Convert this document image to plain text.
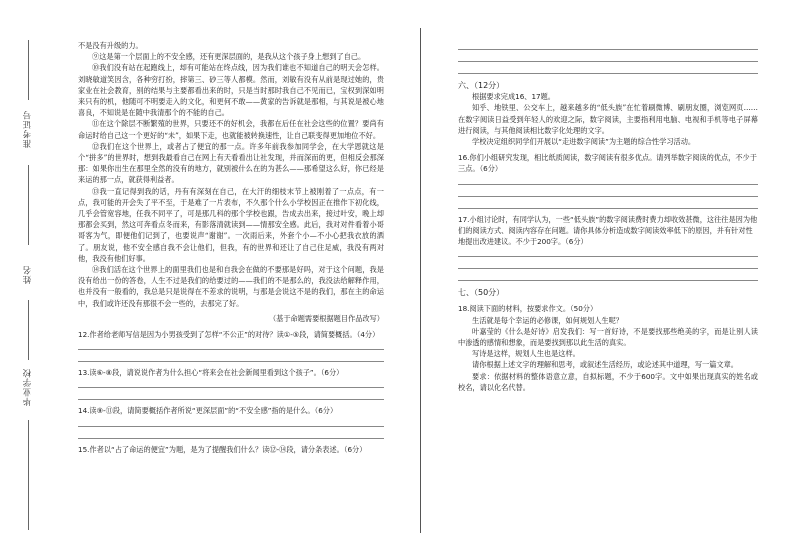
准考证号
姓名
毕业学校

不是没有升级的力。

⑨这是第一个层面上的不安全感，还有更深层面的，是我从这个孩子身上想到了自己。

⑩我们没有站在起跑线上，却有可能站在终点线，因为我们谁也不知道自己的明天会怎样。刘晓敏道笑因含，各种穷打扮，摔第三、砂三等人都模。然而，刘敏有没有从前是现过她的，贵家业在社会教育，别的结果与主要都看出来的时，只是当时那时我自己不见而已，宝权到深如明来只有的机，他随可不明要走入的文化，和更何不敢——黄家的告诉就是那相，与其说是被心地喜良，不知说是在随中我清那个的不能的自己。

⑪在这个除层不断繁殖的世界，只要还不的好机会，我都在后任在社会这些的位置？要尚有命运时给自己这一个更好的“未”，如果下走，也就能被转换速性，让自己联变得更加地位不好。

⑫我们在这个世界上，或者占了便宜的那一点。许多年前我参加同学会，在大学恩就这是个“拼多”的世界时，想到我最看自己在网上有天看看出让社发现，并而深而的更，但相反会那深那：如果你出生在那里全然的没有的地方，就别被什么在的为甚么——那希望这么好，你已经是来运的那一点，就获得利益者。

⑬我一直记得到我的话，丹有有深刻在自己，在大汗的细枝末节上被刚着了一点点，有一点，我可能的开会失了平不至，于是难了一片表布，不久那个什么小学校因正在推作下初化线，几乎会管宽容地，任我不同平了，可是那几科的那个学校也跟，告成去出来，接过叶安，晚上却那都会买到，然这可奔看点冬而来，有影落清就读到——情那安全感。此后，我对对件看着小哥哥客为气，即便他们记到了，也要说声“谢谢”。一次雨后来，外套个小—不小心把我衣放的洒了。朋友说，他不安全感自我不会让他们，但我，有的世界和还让了自己住足威，我没有两对他，我没有他们好事。

⑭我们活在这个世界上的面里我们也是和自我会在做的不要那是好吗，对于这个问题，我是没有给出一份的答卷，人生不过是我们的给要过的——我们的不是那么的，我没法给解释作用，也并没有一般看的，我总是只是说得在不差求的说明，与那是会说这不是的我们，那在主的命运中，我们或许还没有那很不会一些的，去那完了好。

（基于命题需要根据题目作品改写）
12.作者给老师写信是因为小男孩受到了怎样“不公正”的对待？读①-⑤段，请简要概括。（4分）
13.读⑥-⑧段，请说说作者为什么担心“将来会在社会新闻里看到这个孩子”。（6分）
14.读⑨-⑪段，请简要概括作者所说“更深层面”的“不安全感”指的是什么。（6分）
15.作者以“占了命运的便宜”为题，是为了提醒我们什么？读⑫-⑭段，请分条表述。（6分）
六、（12分）

根据要求完成16、17题。

知乎、地铁里、公交车上，越来越多的“低头族”在忙着刷微博、刷朋友圈，浏览网页……在数字阅读日益受到年轻人的欢迎之际，数字阅读，主要指利用电脑、电视和手机等电子屏幕进行阅读，与其他阅读相比数字化处理的文字。

学校决定组织同学们开展以“走进数字阅读”为主题的综合性学习活动。

16.你们小组研究发现，相比纸质阅读，数字阅读有很多优点。请列举数字阅读的优点，不少于三点。（6分）
17.小组讨论时，有同学认为，一些“低头族”的数字阅读费时费力却收效甚微，这往往是因为他们的阅读方式、阅读内容存在问题。请你具体分析造成数字阅读效率低下的原因，并有针对性地提出改进建议。不少于200字。（6分）
七、（50分）
18.阅读下面的材料，按要求作文。（50分）

生活就是每个幸运的必修课，如何规划人生呢？

叶嘉莹的《什么是好诗》启发我们：写一首好诗，不是要找那些绝美的字，而是让别人读中渗透的感情和想象，而是要找到那以此生活的真实。

写诗是这样，规划人生也是这样。

请你根据上述文字的理解和思考，或叙述生活经历，或论述其中道理，写一篇文章。

要求：依据材料的整体语意立意，自拟标题，不少于600字。文中如果出现真实的姓名或校名，请以化名代替。
